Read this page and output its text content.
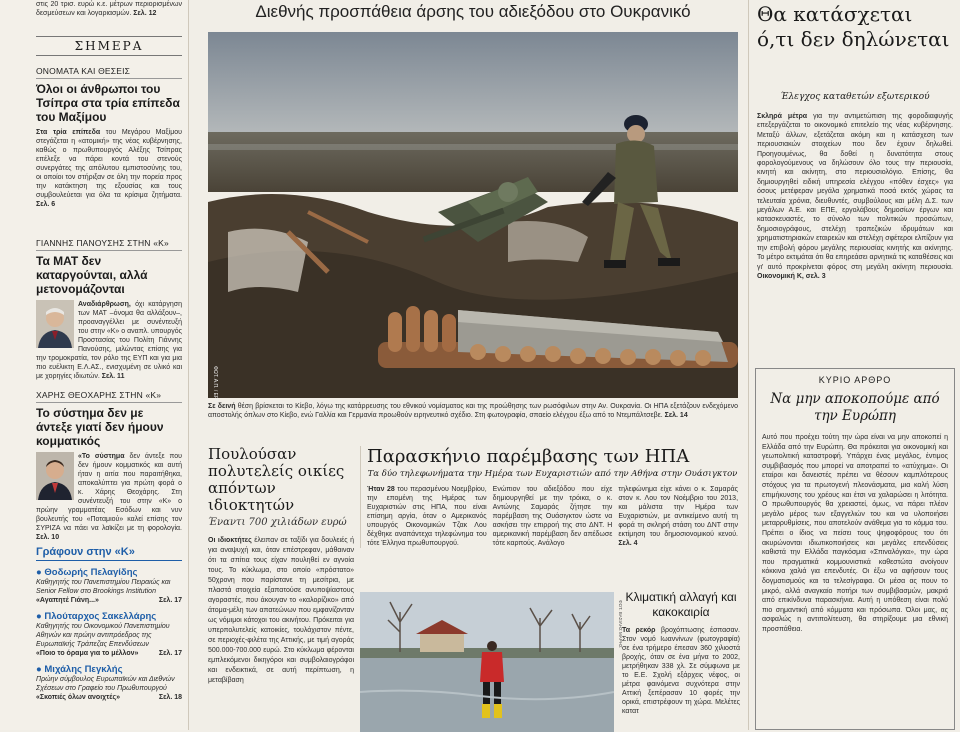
στις 20 τρισ. ευρώ κ.ε. μέτρων περιορισμένων δεσμεύσεων και λογαριασμών. Σελ. 12
ΣΗΜΕΡΑ
ΟΝΟΜΑΤΑ ΚΑΙ ΘΕΣΕΙΣ
Όλοι οι άνθρωποι του Τσίπρα στα τρία επίπεδα του Μαξίμου
Στα τρία επίπεδα του Μεγάρου Μαξίμου στεγάζεται η «ατομική» της νέας κυβέρνησης, καθώς ο πρωθυπουργός Αλέξης Τσίπρας επέλεξε να πάρει κοντά του στενούς συνεργάτες της απόλυτου εμπιστοσύνης του, οι οποίοι τον στήριξαν σε όλη την πορεία προς την κατάκτηση της εξουσίας και τους συμβουλεύεται για όλα τα κρίσιμα ζητήματα. Σελ. 6
ΓΙΑΝΝΗΣ ΠΑΝΟΥΣΗΣ ΣΤΗΝ «Κ»
Τα ΜΑΤ δεν καταργούνται, αλλά μετονομάζονται
Αναδιάρθρωση, όχι κατάργηση των ΜΑΤ –όνομα θα αλλάξουν–, προαναγγέλλει με συνέντευξή του στην «Κ» ο αναπλ. υπουργός Προστασίας του Πολίτη Γιάννης Πανούσης, μιλώντας επίσης για την τρομοκρατία, τον ρόλο της ΕΥΠ και για μια πιο ευέλικτη Ε.Λ.ΑΣ., ενισχυμένη σε υλικό και με χορηγίες ιδιωτών. Σελ. 11
ΧΑΡΗΣ ΘΕΟΧΑΡΗΣ ΣΤΗΝ «Κ»
Το σύστημα δεν με άντεξε γιατί δεν ήμουν κομματικός
«Το σύστημα δεν άντεξε που δεν ήμουν κομματικός και αυτή ήταν η αιτία που παραιτήθηκα, αποκαλύπτει για πρώτη φορά ο κ. Χάρης Θεοχάρης. Στη συνέντευξή του στην «Κ» ο πρώην γραμματέας Εσόδων και νυν βουλευτής του «Ποταμιού» καλεί επίσης τον ΣΥΡΙΖΑ να πάει να λαϊκίζει με τη φορολογία. Σελ. 10
Γράφουν στην «Κ»
● Θοδωρής Πελαγίδης
Καθηγητής του Πανεπιστημίου Πειραιώς και Senior Fellow στο Brookings Institution
«Αγαπητέ Γιάνη...»	Σελ. 17
● Πλούταρχος Σακελλάρης
Καθηγητής του Οικονομικού Πανεπιστημίου Αθηνών και πρώην αντιπρόεδρος της Ευρωπαϊκής Τράπεζας Επενδύσεων
«Ποιο το όραμα για το μέλλον»	Σελ. 17
● Μιχάλης Πεγκλής
Πρώην σύμβουλος Ευρωπαϊκών και Διεθνών Σχέσεων στο Γραφείο του Πρωθυπουργού
«Σκοπιές όλων ανοιχτές»	Σελ. 18
Διεθνής προσπάθεια άρσης του αδιεξόδου στο Ουκρανικό
ΦΩΤ. Α.Π. / ΕΡΓΑ ΦΩΤΟ
Σε δεινή θέση βρίσκεται το Κίεβο, λόγω της κατάρρευσης του εθνικού νομίσματος και της προώθησης των ρωσόφιλων στην Αν. Ουκρανία. Οι ΗΠΑ εξετάζουν ενδεχόμενο αποστολής όπλων στο Κίεβο, ενώ Γαλλία και Γερμανία προωθούν ειρηνευτικό σχέδιο. Στη φωτογραφία, σπαείο ελέγχου έξω από το Ντεμπάλτσεβε. Σελ. 14
Πουλούσαν πολυτελείς οικίες απόντων ιδιοκτητών
Έναντι 700 χιλιάδων ευρώ
Οι ιδιοκτήτες έλειπαν σε ταξίδι για δουλειές ή για αναψυχή και, όταν επέστρεφαν, μάθαιναν ότι τα σπίτια τους είχαν πουληθεί εν αγνοία τους. Το κύκλωμα, στο οποίο «πρόστατο» 50χρονη που παρίστανε τη μεσίτρια, με πλαστά στοιχεία εξαπατούσε ανυποψίαστους αγοραστές, που άκουγαν το «καλορίζικο» από άτομα-μέλη των απατεώνων που εμφανίζονταν ως νόμιμοι κάτοχοι του ακινήτου. Πρόκειται για υπερπολυτελείς κατοικίες, τουλάχιστον πέντε, σε περιοχές-φιλέτα της Αττικής, με τιμή αγοράς 500.000-700.000 ευρώ. Στο κύκλωμα φέρονται εμπλεκόμενοι δικηγόροι και συμβολαιογράφοι και ενδεικτικά, σε αυτή περίπτωση, η μεταβίβαση
Παρασκήνιο παρέμβασης των ΗΠΑ
Τα δύο τηλεφωνήματα την Ημέρα των Ευχαριστιών από την Αθήνα στην Ουάσιγκτον
Ήταν 28 του περασμένου Νοεμβρίου, την επομένη της Ημέρας των Ευχαριστιών στις ΗΠΑ, που είναι επίσημη αργία, όταν ο Αμερικανός υπουργός Οικονομικών Τζακ Λου δέχθηκε αναπάντεχα τηλεφώνημα του τότε Έλληνα πρωθυπουργού.
Ενώπιον του αδιεξόδου που είχε δημιουργηθεί με την τρόικα, ο κ. Αντώνης Σαμαράς ζήτησε την παρέμβαση της Ουάσιγκτον ώστε να ασκήσει την επιρροή της στο ΔΝΤ. Η αμερικανική παρέμβαση δεν απέδωσε τότε καρπούς. Ανάλογο
τηλεφώνημα είχε κάνει ο κ. Σαμαράς στον κ. Λου τον Νοέμβριο του 2013, και μάλιστα την Ημέρα των Ευχαριστιών, με αντικείμενο αυτή τη φορά τη σκληρή στάση του ΔΝΤ στην εκτίμηση του δημοσιονομικού κενού. Σελ. 4
ΦΩΤ. ΒΑΣΙΛΗΣ ΜΑΡΗΣ
Κλιματική αλλαγή και κακοκαιρία
Τα ρεκόρ βροχόπτωσης έσπασαν. Στον νομό Ιωαννίνων (φωτογραφία) σε ένα τρήμερο έπεσαν 360 χιλιοστά βροχής, όταν σε ένα μήνα το 2002, μετρήθηκαν 338 χλ. Σε σύμφωνα με το Ε.Ε. Σχολή εξάρχεις νέφος, οι μέτρα φαινόμενα συχνότερα στην Αττική ξεπέρασαν 10 φορές την ορικά, επιστρέφουν τη χώρα. Μελέτες κατατ
Θα κατάσχεται ό,τι δεν δηλώνεται
Έλεγχος καταθετών εξωτερικού
Σκληρά μέτρα για την αντιμετώπιση της φοροδιαφυγής επεξεργάζεται το οικονομικό επιτελείο της νέας κυβέρνησης. Μεταξύ άλλων, εξετάζεται ακόμη και η κατάσχεση των περιουσιακών στοιχείων που δεν έχουν δηλωθεί. Προηγουμένως, θα δοθεί η δυνατότητα στους φορολογούμενους να δηλώσουν όλο τους την περιουσία, κινητή και ακίνητη, στο περιουσιολόγιο. Επίσης, θα δημιουργηθεί ειδική υπηρεσία ελέγχου «πόθεν έσχες» για όσους μετέφεραν μεγάλα χρηματικά ποσά εκτός χώρας τα τελευταία χρόνια, διευθυντές, συμβούλους και μέλη Δ.Σ. των μεγάλων Α.Ε. και ΕΠΕ, εργολάβους δημοσίων έργων και κατασκευαστές, το σύνολο των πολιτικών προσώπων, δημοσιογράφους, στελέχη τραπεζικών ιδρυμάτων και χρηματιστηριακών εταιρειών και στελέχη σφέτεροι ελπίζουν για την επιβολή φόρου μεγάλης περιουσίας κινητής και ακίνητης. Το μέτρο εκτιμάται ότι θα επηρεάσει αρνητικά τις καταθέσεις και γι' αυτό προκρίνεται φόρος στη μεγάλη ακίνητη περιουσία. Οικονομική Κ, σελ. 3
ΚΥΡΙΟ ΑΡΘΡΟ
Να μην αποκοπούμε από την Ευρώπη
Αυτό που προέχει τούτη την ώρα είναι να μην αποκοπεί η Ελλάδα από την Ευρώπη. Θα πρόκειται για οικονομική και γεωπολιτική καταστροφή. Υπάρχει ένας μεγάλος, έντιμος συμβιβασμός που μπορεί να αποτραπεί το «ατύχημα». Οι εταίροι και δανειστές πρέπει να θέσουν καμπλότερους στόχους για τα πρωτογενή πλεονάσματα, μια καλή λύση επιμήκυνσης του χρέους και έτσι να χαλαρώσει η λιτότητα. Ο πρωθυπουργός θα χρειαστεί, όμως, να πάρει πλέον μεγάλο μέρος των εξαγγελιών του και να υλοποιήσει μεταρρυθμίσεις, που αποτελούν ανάθεμα για το κόμμα του. Πρέπει ο ίδιος να πείσει τους ψηφοφόρους του ότι ακυρώνονται ιδιωτικοποιήσεις και μεγάλες επενδύσεις καθιστά την Ελλάδα παγκόσμια «Σπιναλόγκα», την ώρα που πραγματικά κομμουνιστικά καθεστώτα ανοίγουν κόκκινα χαλιά για επενδυτές. Οι έξω να αφήσουν τους δογματισμούς και τα τελεσίγραφα. Οι μέσα ας πουν το μικρό, αλλά αναγκαίο ποτήρι των συμβιβασμών, μακριά από επικίνδυνα παρασκήνια. Αυτή η υπόθεση είναι πολύ πιο σημαντική από κόμματα και πρόσωπα. Όλοι μας, ας ασφαλώς η αντιπολίτευση, θα στηρίξουμε μια εθνική προσπάθεια.
